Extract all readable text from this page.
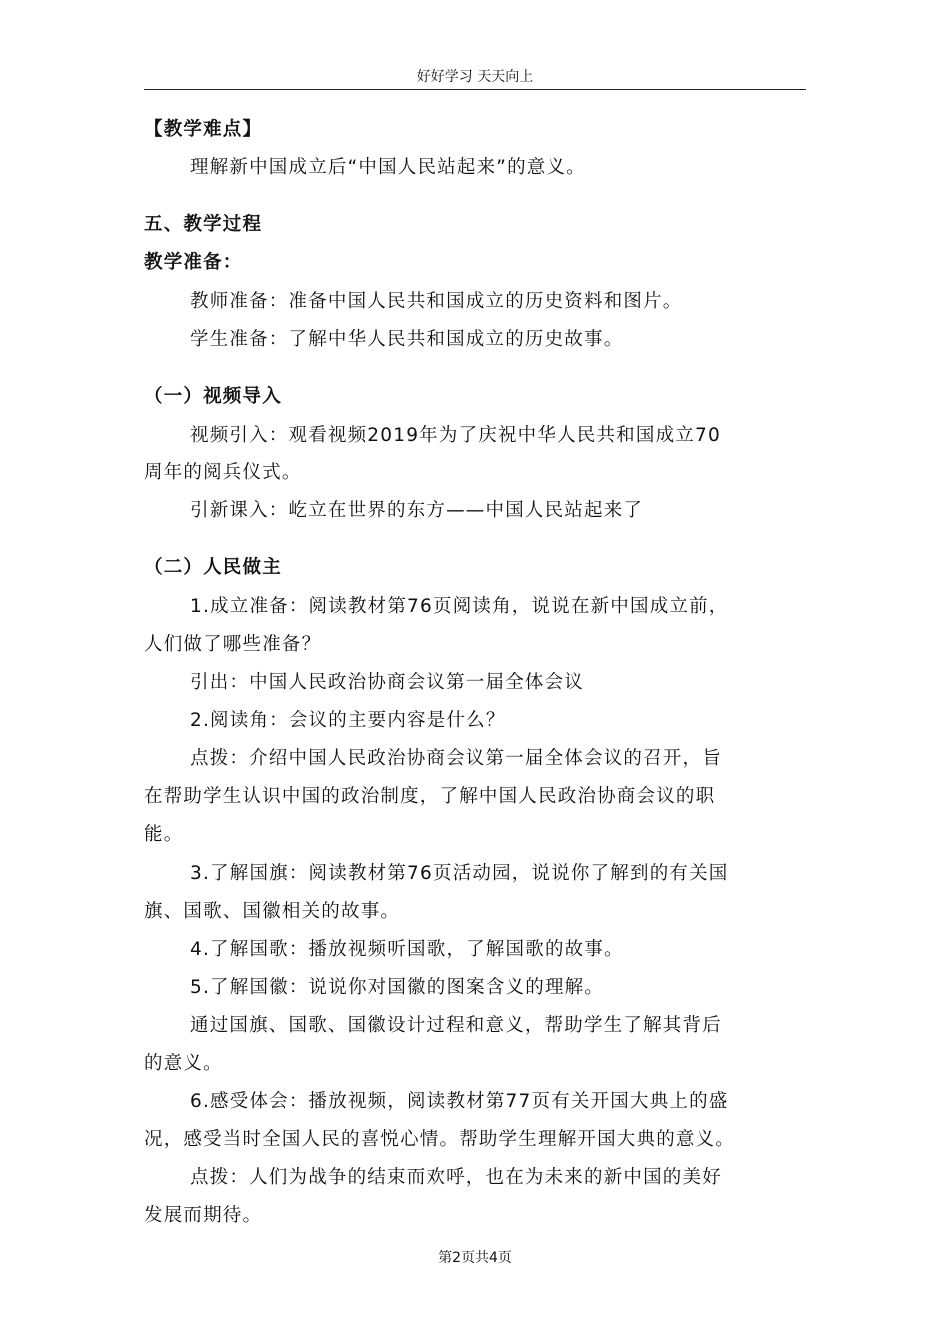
好好学习 天天向上
【教学难点】
理解新中国成立后“中国人民站起来”的意义。
五、教学过程
教学准备：
教师准备：准备中国人民共和国成立的历史资料和图片。
学生准备：了解中华人民共和国成立的历史故事。
（一）视频导入
视频引入：观看视频2019年为了庆祝中华人民共和国成立70
周年的阅兵仪式。
引新课入：屹立在世界的东方——中国人民站起来了
（二）人民做主
1.成立准备：阅读教材第76页阅读角，说说在新中国成立前，
人们做了哪些准备？
引出：中国人民政治协商会议第一届全体会议
2.阅读角：会议的主要内容是什么？
点拨：介绍中国人民政治协商会议第一届全体会议的召开，旨
在帮助学生认识中国的政治制度，了解中国人民政治协商会议的职
能。
3.了解国旗：阅读教材第76页活动园，说说你了解到的有关国
旗、国歌、国徽相关的故事。
4.了解国歌：播放视频听国歌，了解国歌的故事。
5.了解国徽：说说你对国徽的图案含义的理解。
通过国旗、国歌、国徽设计过程和意义，帮助学生了解其背后
的意义。
6.感受体会：播放视频，阅读教材第77页有关开国大典上的盛
况，感受当时全国人民的喜悦心情。帮助学生理解开国大典的意义。
点拨：人们为战争的结束而欢呼，也在为未来的新中国的美好
发展而期待。
第2页共4页
